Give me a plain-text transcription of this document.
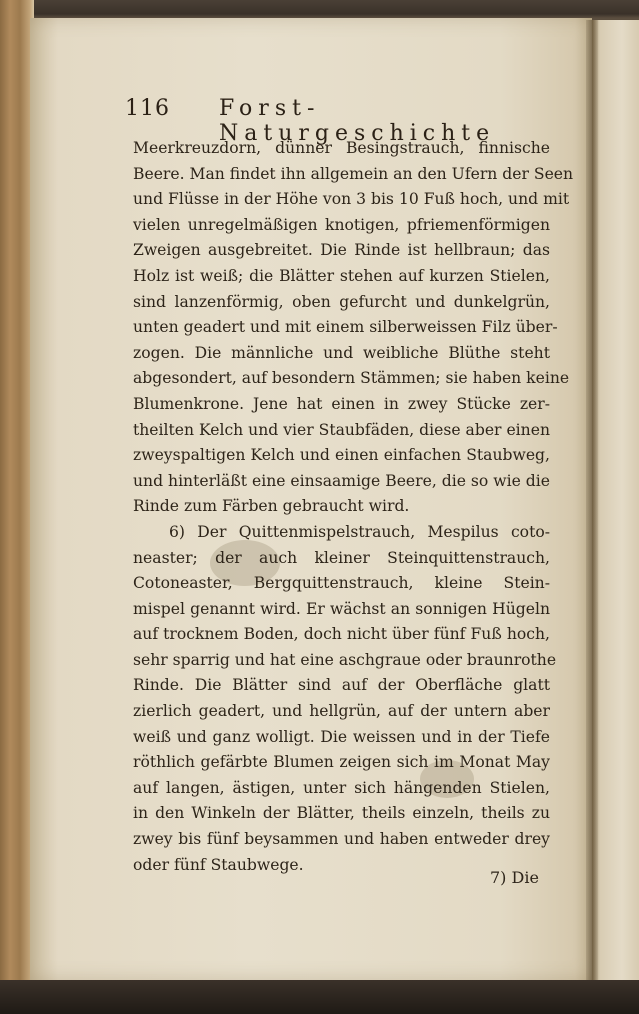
116 Forst-Naturgeschichte
Meerkreuzdorn, dünner Besingstrauch, finnische
Beere. Man findet ihn allgemein an den Ufern der Seen
und Flüsse in der Höhe von 3 bis 10 Fuß hoch, und mit
vielen unregelmäßigen knotigen, pfriemenförmigen
Zweigen ausgebreitet. Die Rinde ist hellbraun; das
Holz ist weiß; die Blätter stehen auf kurzen Stielen,
sind lanzenförmig, oben gefurcht und dunkelgrün,
unten geadert und mit einem silberweissen Filz über-
zogen. Die männliche und weibliche Blüthe steht
abgesondert, auf besondern Stämmen; sie haben keine
Blumenkrone. Jene hat einen in zwey Stücke zer-
theilten Kelch und vier Staubfäden, diese aber einen
zweyspaltigen Kelch und einen einfachen Staubweg,
und hinterläßt eine einsaamige Beere, die so wie die
Rinde zum Färben gebraucht wird.
6) Der Quittenmispelstrauch, Mespilus coto-
neaster; der auch kleiner Steinquittenstrauch,
Cotoneaster, Bergquittenstrauch, kleine Stein-
mispel genannt wird. Er wächst an sonnigen Hügeln
auf trocknem Boden, doch nicht über fünf Fuß hoch,
sehr sparrig und hat eine aschgraue oder braunrothe
Rinde. Die Blätter sind auf der Oberfläche glatt
zierlich geadert, und hellgrün, auf der untern aber
weiß und ganz wolligt. Die weissen und in der Tiefe
röthlich gefärbte Blumen zeigen sich im Monat May
auf langen, ästigen, unter sich hängenden Stielen,
in den Winkeln der Blätter, theils einzeln, theils zu
zwey bis fünf beysammen und haben entweder drey
oder fünf Staubwege.
7) Die
